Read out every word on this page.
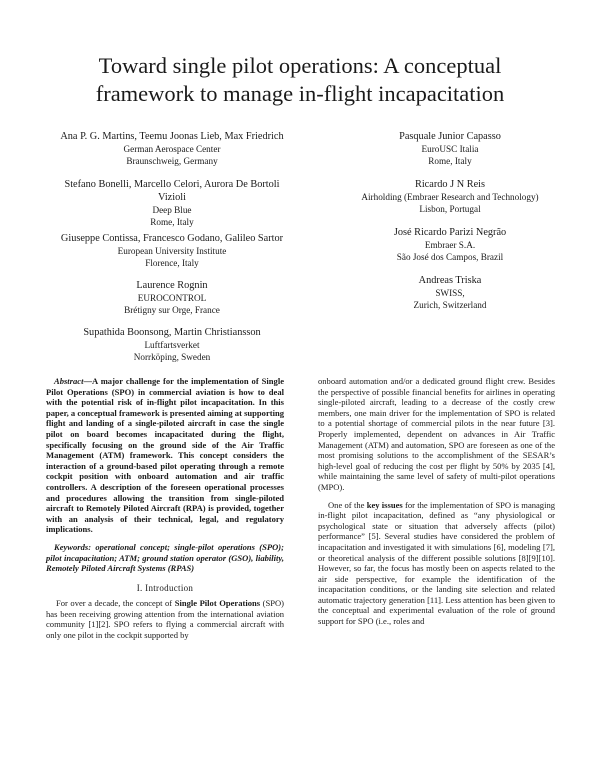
Toward single pilot operations: A conceptual
framework to manage in-flight incapacitation
Ana P. G. Martins, Teemu Joonas Lieb, Max Friedrich
German Aerospace Center
Braunschweig, Germany
Stefano Bonelli, Marcello Celori, Aurora De Bortoli Vizioli
Deep Blue
Rome, Italy
Giuseppe Contissa, Francesco Godano, Galileo Sartor
European University Institute
Florence, Italy
Laurence Rognin
EUROCONTROL
Brétigny sur Orge, France
Supathida Boonsong, Martin Christiansson
Luftfartsverket
Norrköping, Sweden
Pasquale Junior Capasso
EuroUSC Italia
Rome, Italy
Ricardo J N Reis
Airholding (Embraer Research and Technology)
Lisbon, Portugal
José Ricardo Parizi Negrão
Embraer S.A.
São José dos Campos, Brazil
Andreas Triska
SWISS,
Zurich, Switzerland

Abstract—A major challenge for the implementation of Single Pilot Operations (SPO) in commercial aviation is how to deal with the potential risk of in-flight pilot incapacitation. In this paper, a conceptual framework is presented aiming at supporting flight and landing of a single-piloted aircraft in case the single pilot on board becomes incapacitated during the flight, specifically focusing on the ground side of the Air Traffic Management (ATM) framework. This concept considers the interaction of a ground-based pilot operating through a remote cockpit position with onboard automation and air traffic controllers. A description of the foreseen operational processes and procedures allowing the transition from single-piloted aircraft to Remotely Piloted Aircraft (RPA) is provided, together with an analysis of their technical, legal, and regulatory implications.

Keywords: operational concept; single-pilot operations (SPO); pilot incapacitation; ATM; ground station operator (GSO), liability, Remotely Piloted Aircraft Systems (RPAS)

I. Introduction

For over a decade, the concept of Single Pilot Operations (SPO) has been receiving growing attention from the international aviation community [1][2]. SPO refers to flying a commercial aircraft with only one pilot in the cockpit supported by

onboard automation and/or a dedicated ground flight crew. Besides the perspective of possible financial benefits for airlines in operating single-piloted aircraft, leading to a decrease of the costly crew members, one main driver for the implementation of SPO is related to a potential shortage of commercial pilots in the near future [3]. Properly implemented, dependent on advances in Air Traffic Management (ATM) and automation, SPO are foreseen as one of the most promising solutions to the accomplishment of the SESAR’s high-level goal of reducing the cost per flight by 50% by 2035 [4], while maintaining the same level of safety of multi-pilot operations (MPO).

One of the key issues for the implementation of SPO is managing in-flight pilot incapacitation, defined as “any physiological or psychological state or situation that adversely affects (pilot) performance” [5]. Several studies have considered the problem of incapacitation and investigated it with simulations [6], modeling [7], or theoretical analysis of the different possible solutions [8][9][10]. However, so far, the focus has mostly been on aspects related to the air side perspective, for example the identification of the incapacitation conditions, or the landing site selection and related automatic trajectory generation [11]. Less attention has been given to the conceptual and experimental evaluation of the role of ground support for SPO (i.e., roles and
